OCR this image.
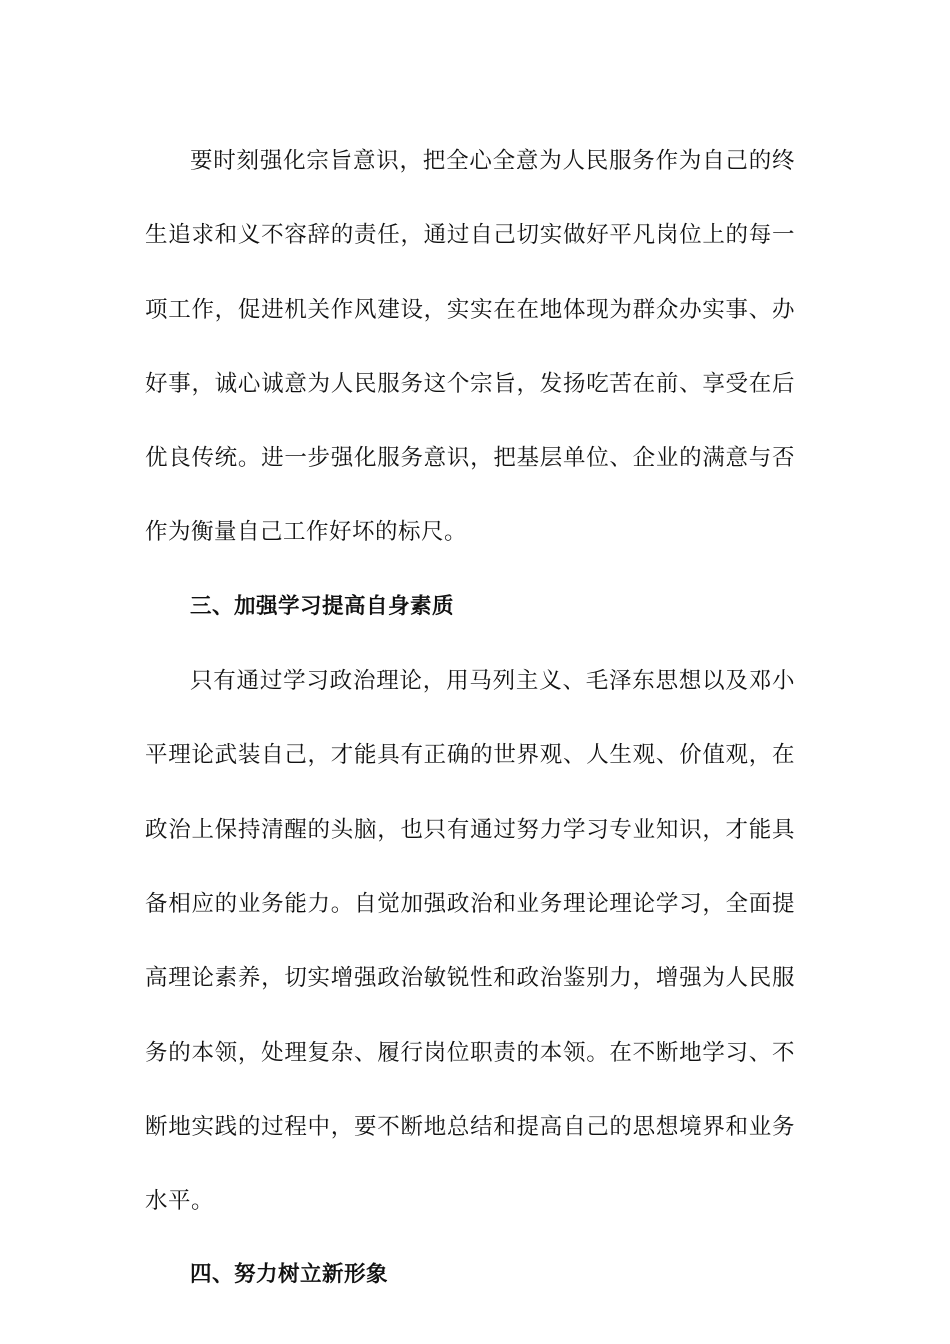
要时刻强化宗旨意识，把全心全意为人民服务作为自己的终生追求和义不容辞的责任，通过自己切实做好平凡岗位上的每一项工作，促进机关作风建设，实实在在地体现为群众办实事、办好事，诚心诚意为人民服务这个宗旨，发扬吃苦在前、享受在后优良传统。进一步强化服务意识，把基层单位、企业的满意与否作为衡量自己工作好坏的标尺。

三、加强学习提高自身素质

只有通过学习政治理论，用马列主义、毛泽东思想以及邓小平理论武装自己，才能具有正确的世界观、人生观、价值观，在政治上保持清醒的头脑，也只有通过努力学习专业知识，才能具备相应的业务能力。自觉加强政治和业务理论理论学习，全面提高理论素养，切实增强政治敏锐性和政治鉴别力，增强为人民服务的本领，处理复杂、履行岗位职责的本领。在不断地学习、不断地实践的过程中，要不断地总结和提高自己的思想境界和业务水平。

四、努力树立新形象
